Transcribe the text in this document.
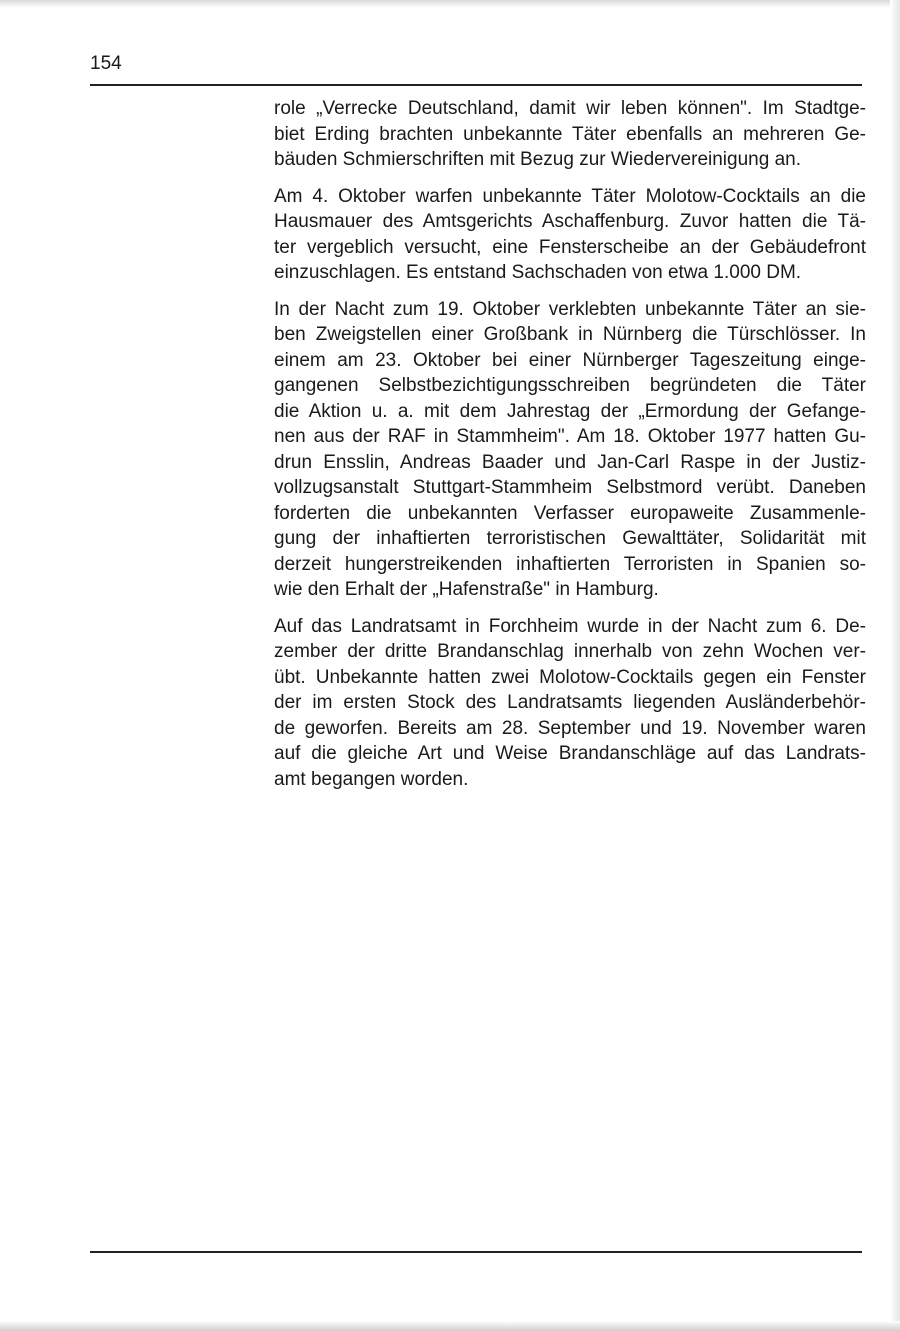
154
role „Verrecke Deutschland, damit wir leben können". Im Stadtge-
biet Erding brachten unbekannte Täter ebenfalls an mehreren Ge-
bäuden Schmierschriften mit Bezug zur Wiedervereinigung an.
Am 4. Oktober warfen unbekannte Täter Molotow-Cocktails an die
Hausmauer des Amtsgerichts Aschaffenburg. Zuvor hatten die Tä-
ter vergeblich versucht, eine Fensterscheibe an der Gebäudefront
einzuschlagen. Es entstand Sachschaden von etwa 1.000 DM.
In der Nacht zum 19. Oktober verklebten unbekannte Täter an sie-
ben Zweigstellen einer Großbank in Nürnberg die Türschlösser. In
einem am 23. Oktober bei einer Nürnberger Tageszeitung einge-
gangenen Selbstbezichtigungsschreiben begründeten die Täter
die Aktion u. a. mit dem Jahrestag der „Ermordung der Gefange-
nen aus der RAF in Stammheim". Am 18. Oktober 1977 hatten Gu-
drun Ensslin, Andreas Baader und Jan-Carl Raspe in der Justiz-
vollzugsanstalt Stuttgart-Stammheim Selbstmord verübt. Daneben
forderten die unbekannten Verfasser europaweite Zusammenle-
gung der inhaftierten terroristischen Gewalttäter, Solidarität mit
derzeit hungerstreikenden inhaftierten Terroristen in Spanien so-
wie den Erhalt der „Hafenstraße" in Hamburg.
Auf das Landratsamt in Forchheim wurde in der Nacht zum 6. De-
zember der dritte Brandanschlag innerhalb von zehn Wochen ver-
übt. Unbekannte hatten zwei Molotow-Cocktails gegen ein Fenster
der im ersten Stock des Landratsamts liegenden Ausländerbehör-
de geworfen. Bereits am 28. September und 19. November waren
auf die gleiche Art und Weise Brandanschläge auf das Landrats-
amt begangen worden.
